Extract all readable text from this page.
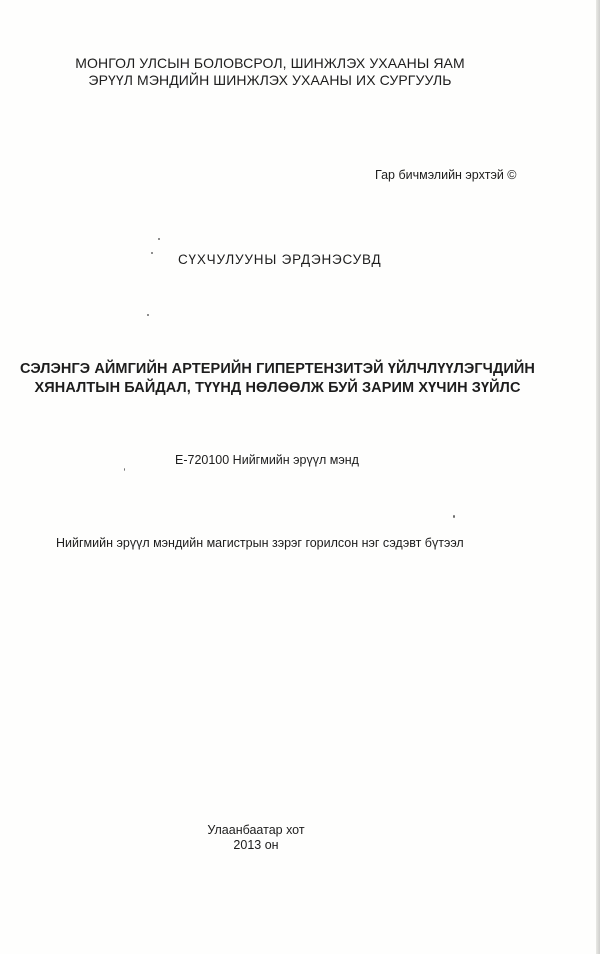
МОНГОЛ УЛСЫН БОЛОВСРОЛ, ШИНЖЛЭХ УХААНЫ ЯАМ
ЭРҮҮЛ МЭНДИЙН ШИНЖЛЭХ УХААНЫ ИХ СУРГУУЛЬ
Гар бичмэлийн эрхтэй ©
СҮХЧУЛУУНЫ ЭРДЭНЭСУВД
СЭЛЭНГЭ АЙМГИЙН АРТЕРИЙН ГИПЕРТЕНЗИТЭЙ ҮЙЛЧЛҮҮЛЭГЧДИЙН
ХЯНАЛТЫН БАЙДАЛ, ТҮҮНД НӨЛӨӨЛЖ БУЙ ЗАРИМ ХҮЧИН ЗҮЙЛС
Е-720100 Нийгмийн эрүүл мэнд
Нийгмийн эрүүл мэндийн магистрын зэрэг горилсон нэг сэдэвт бүтээл
Улаанбаатар хот
2013 он
